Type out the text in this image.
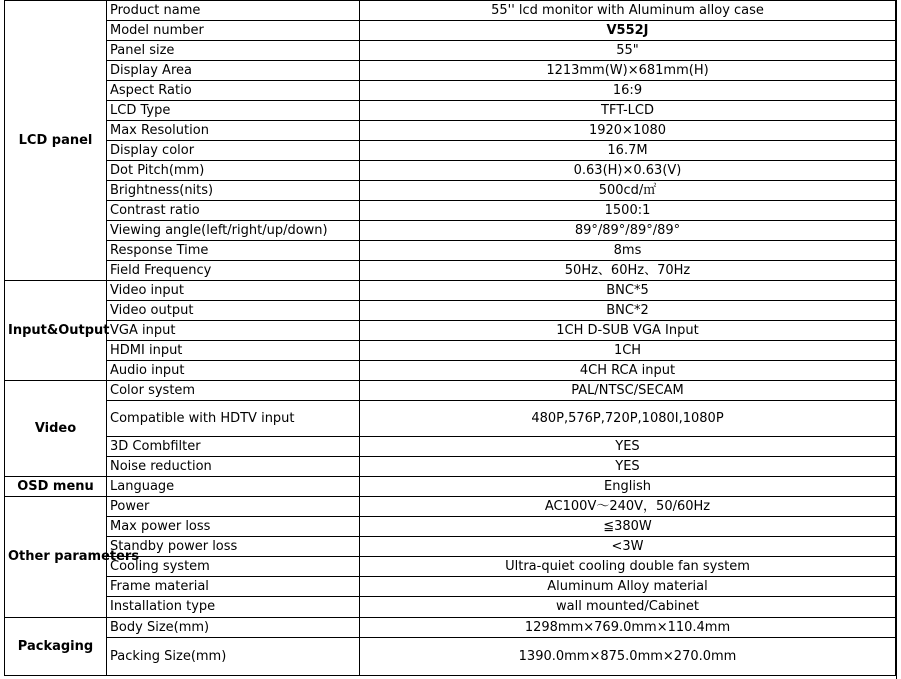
LCD panel	Product name	55'' lcd monitor with Aluminum alloy case
	Model number	V552J
	Panel size	55"
	Display Area	1213mm(W)×681mm(H)
	Aspect Ratio	16:9
	LCD Type	TFT-LCD
	Max Resolution	1920×1080
	Display color	16.7M
	Dot Pitch(mm)	0.63(H)×0.63(V)
	Brightness(nits)	500cd/㎡
	Contrast ratio	1500:1
	Viewing angle(left/right/up/down)	89°/89°/89°/89°
	Response Time	8ms
	Field Frequency	50Hz、60Hz、70Hz
Input&Output	Video input	BNC*5
	Video output	BNC*2
	VGA input	1CH D-SUB VGA Input
	HDMI input	1CH
	Audio input	4CH RCA input
Video	Color system	PAL/NTSC/SECAM
	Compatible with HDTV input	480P,576P,720P,1080I,1080P
	3D Combfilter	YES
	Noise reduction	YES
OSD menu	Language	English
Other parameters	Power	AC100V～240V，50/60Hz
	Max power loss	≦380W
	Standby power loss	<3W
	Cooling system	Ultra-quiet cooling double fan system
	Frame material	Aluminum Alloy material
	Installation type	wall mounted/Cabinet
Packaging	Body Size(mm)	1298mm×769.0mm×110.4mm
	Packing Size(mm)	1390.0mm×875.0mm×270.0mm
